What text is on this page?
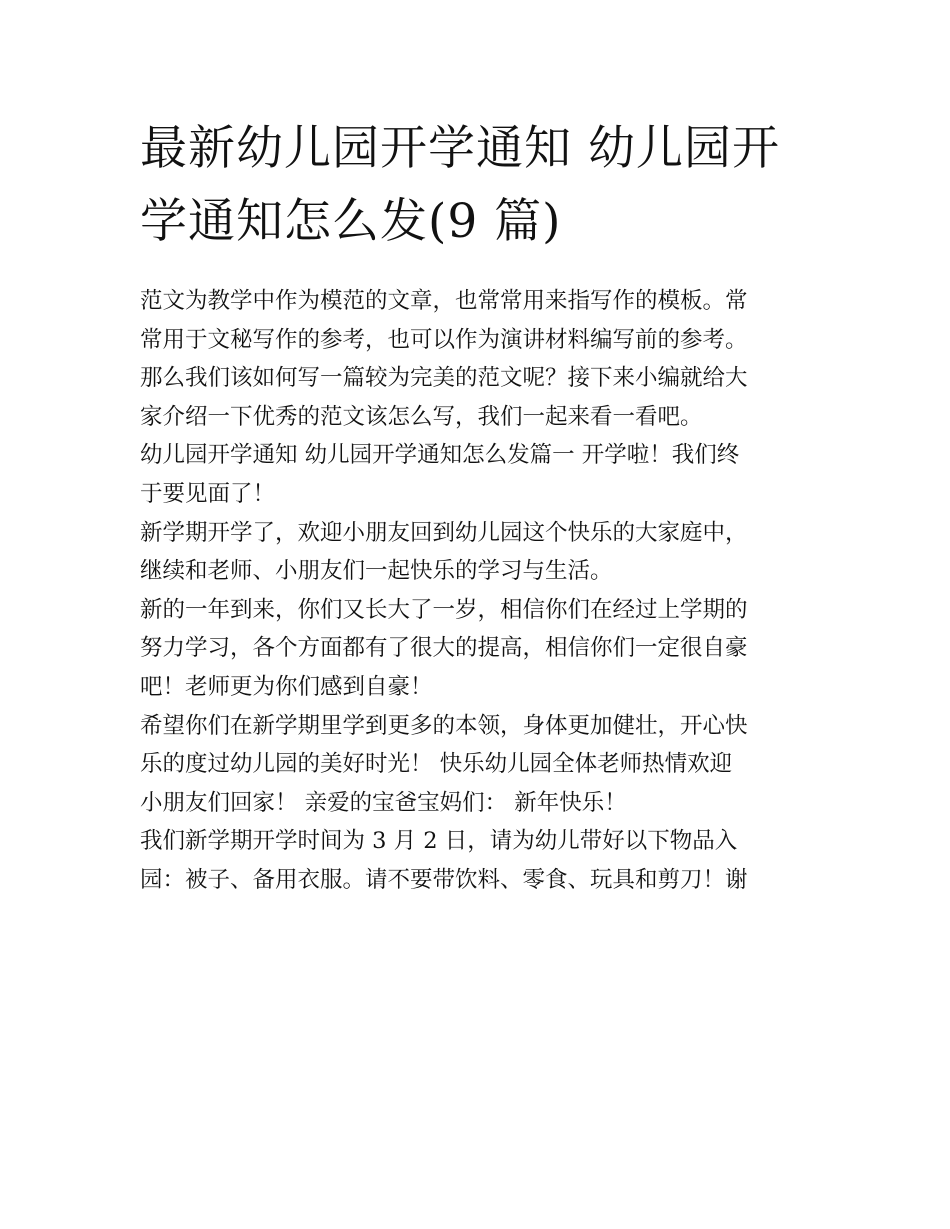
最新幼儿园开学通知 幼儿园开 学通知怎么发(9 篇)

范文为教学中作为模范的文章，也常常用来指写作的模板。常
常用于文秘写作的参考，也可以作为演讲材料编写前的参考。
那么我们该如何写一篇较为完美的范文呢？接下来小编就给大
家介绍一下优秀的范文该怎么写，我们一起来看一看吧。

幼儿园开学通知 幼儿园开学通知怎么发篇一 开学啦！我们终
于要见面了！

新学期开学了，欢迎小朋友回到幼儿园这个快乐的大家庭中，
继续和老师、小朋友们一起快乐的学习与生活。

新的一年到来，你们又长大了一岁，相信你们在经过上学期的
努力学习，各个方面都有了很大的提高，相信你们一定很自豪
吧！老师更为你们感到自豪！

希望你们在新学期里学到更多的本领，身体更加健壮，开心快
乐的度过幼儿园的美好时光！ 快乐幼儿园全体老师热情欢迎
小朋友们回家！ 亲爱的宝爸宝妈们： 新年快乐！

我们新学期开学时间为 3 月 2 日，请为幼儿带好以下物品入
园：被子、备用衣服。请不要带饮料、零食、玩具和剪刀！谢
